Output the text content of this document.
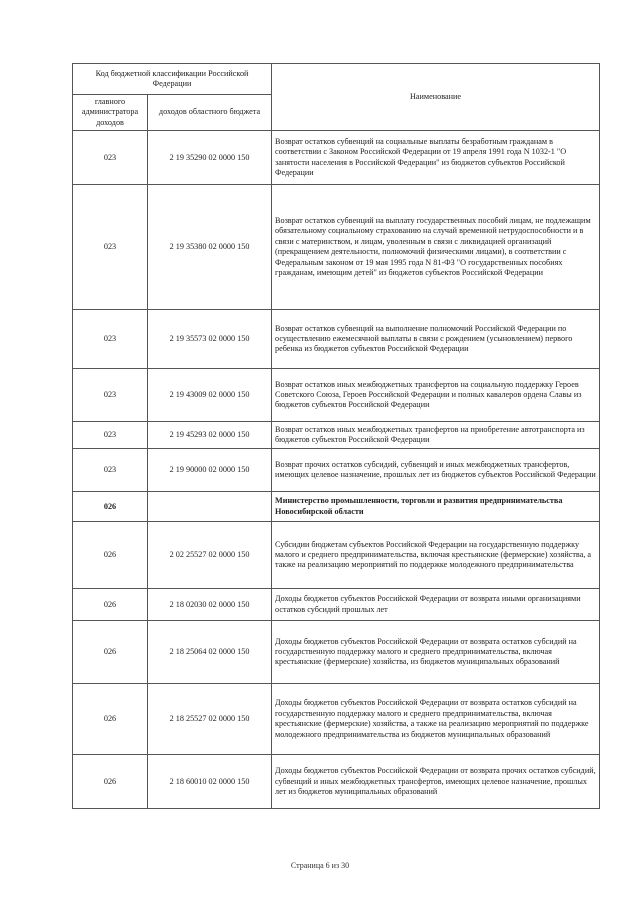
Код бюджетной классификации Российской Федерации		Наименование
главного администратора доходов	доходов областного бюджета	
023	2 19 35290 02 0000 150	Возврат остатков субвенций на социальные выплаты безработным гражданам в соответствии с Законом Российской Федерации от 19 апреля 1991 года N 1032-1 "О занятости населения в Российской Федерации" из бюджетов субъектов Российской Федерации
023	2 19 35380 02 0000 150	Возврат остатков субвенций на выплату государственных пособий лицам, не подлежащим обязательному социальному страхованию на случай временной нетрудоспособности и в связи с материнством, и лицам, уволенным в связи с ликвидацией организаций (прекращением деятельности, полномочий физическими лицами), в соответствии с Федеральным законом от 19 мая 1995 года N 81-ФЗ "О государственных пособиях гражданам, имеющим детей" из бюджетов субъектов Российской Федерации
023	2 19 35573 02 0000 150	Возврат остатков субвенций на выполнение полномочий Российской Федерации по осуществлению ежемесячной выплаты в связи с рождением (усыновлением) первого ребенка из бюджетов субъектов Российской Федерации
023	2 19 43009 02 0000 150	Возврат остатков иных межбюджетных трансфертов на социальную поддержку Героев Советского Союза, Героев Российской Федерации и полных кавалеров ордена Славы из бюджетов субъектов Российской Федерации
023	2 19 45293 02 0000 150	Возврат остатков иных межбюджетных трансфертов на приобретение автотранспорта из бюджетов субъектов Российской Федерации
023	2 19 90000 02 0000 150	Возврат прочих остатков субсидий, субвенций и иных межбюджетных трансфертов, имеющих целевое назначение, прошлых лет из бюджетов субъектов Российской Федерации
026		Министерство промышленности, торговли и развития предпринимательства Новосибирской области
026	2 02 25527 02 0000 150	Субсидии бюджетам субъектов Российской Федерации на государственную поддержку малого и среднего предпринимательства, включая крестьянские (фермерские) хозяйства, а также на реализацию мероприятий по поддержке молодежного предпринимательства
026	2 18 02030 02 0000 150	Доходы бюджетов субъектов Российской Федерации от возврата иными организациями остатков субсидий прошлых лет
026	2 18 25064 02 0000 150	Доходы бюджетов субъектов Российской Федерации от возврата остатков субсидий на государственную поддержку малого и среднего предпринимательства, включая крестьянские (фермерские) хозяйства, из бюджетов муниципальных образований
026	2 18 25527 02 0000 150	Доходы бюджетов субъектов Российской Федерации от возврата остатков субсидий на государственную поддержку малого и среднего предпринимательства, включая крестьянские (фермерские) хозяйства, а также на реализацию мероприятий по поддержке молодежного предпринимательства из бюджетов муниципальных образований
026	2 18 60010 02 0000 150	Доходы бюджетов субъектов Российской Федерации от возврата прочих остатков субсидий, субвенций и иных межбюджетных трансфертов, имеющих целевое назначение, прошлых лет из бюджетов муниципальных образований
Страница 6 из 30
